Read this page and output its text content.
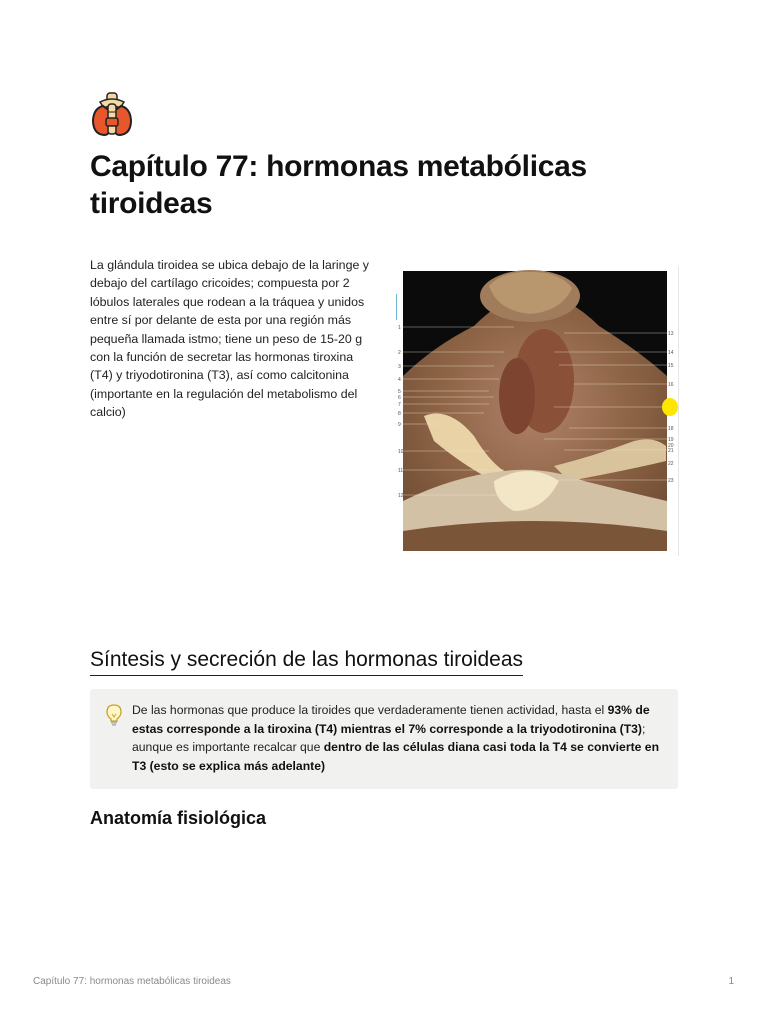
Capítulo 77: hormonas metabólicas tiroideas

La glándula tiroidea se ubica debajo de la laringe y debajo del cartílago cricoides; compuesta por 2 lóbulos laterales que rodean a la tráquea y unidos entre sí por delante de esta por una región más pequeña llamada istmo; tiene un peso de 15-20 g con la función de secretar las hormonas tiroxina (T4) y triyodotironina (T3), así como calcitonina (importante en la regulación del metabolismo del calcio)

1
2
3
4
5
6
7
8
9
10
11
12
13
14
15
16
18
19
20
21
22
23
Síntesis y secreción de las hormonas tiroideas

De las hormonas que produce la tiroides que verdaderamente tienen actividad, hasta el 93% de estas corresponde a la tiroxina (T4) mientras el 7% corresponde a la triyodotironina (T3); aunque es importante recalcar que dentro de las células diana casi toda la T4 se convierte en T3 (esto se explica más adelante)

Anatomía fisiológica
Capítulo 77: hormonas metabólicas tiroideas	1
